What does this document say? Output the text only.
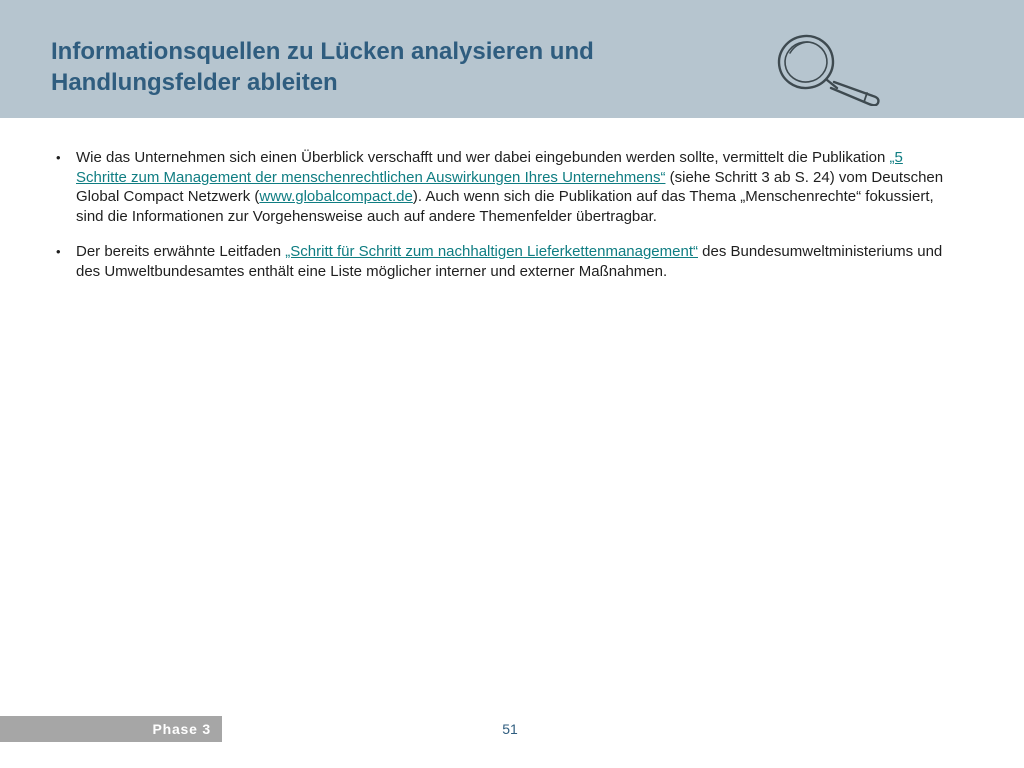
Informationsquellen zu Lücken analysieren und
Handlungsfelder ableiten
• Wie das Unternehmen sich einen Überblick verschafft und wer dabei eingebunden werden sollte, vermittelt die Publikation „5 Schritte zum Management der menschenrechtlichen Auswirkungen Ihres Unternehmens“ (siehe Schritt 3 ab S. 24) vom Deutschen Global Compact Netzwerk (www.globalcompact.de). Auch wenn sich die Publikation auf das Thema „Menschenrechte“ fokussiert, sind die Informationen zur Vorgehensweise auch auf andere Themenfelder übertragbar.
• Der bereits erwähnte Leitfaden „Schritt für Schritt zum nachhaltigen Lieferkettenmanagement“ des Bundesumweltministeriums und des Umweltbundesamtes enthält eine Liste möglicher interner und externer Maßnahmen.
Phase 3	51
